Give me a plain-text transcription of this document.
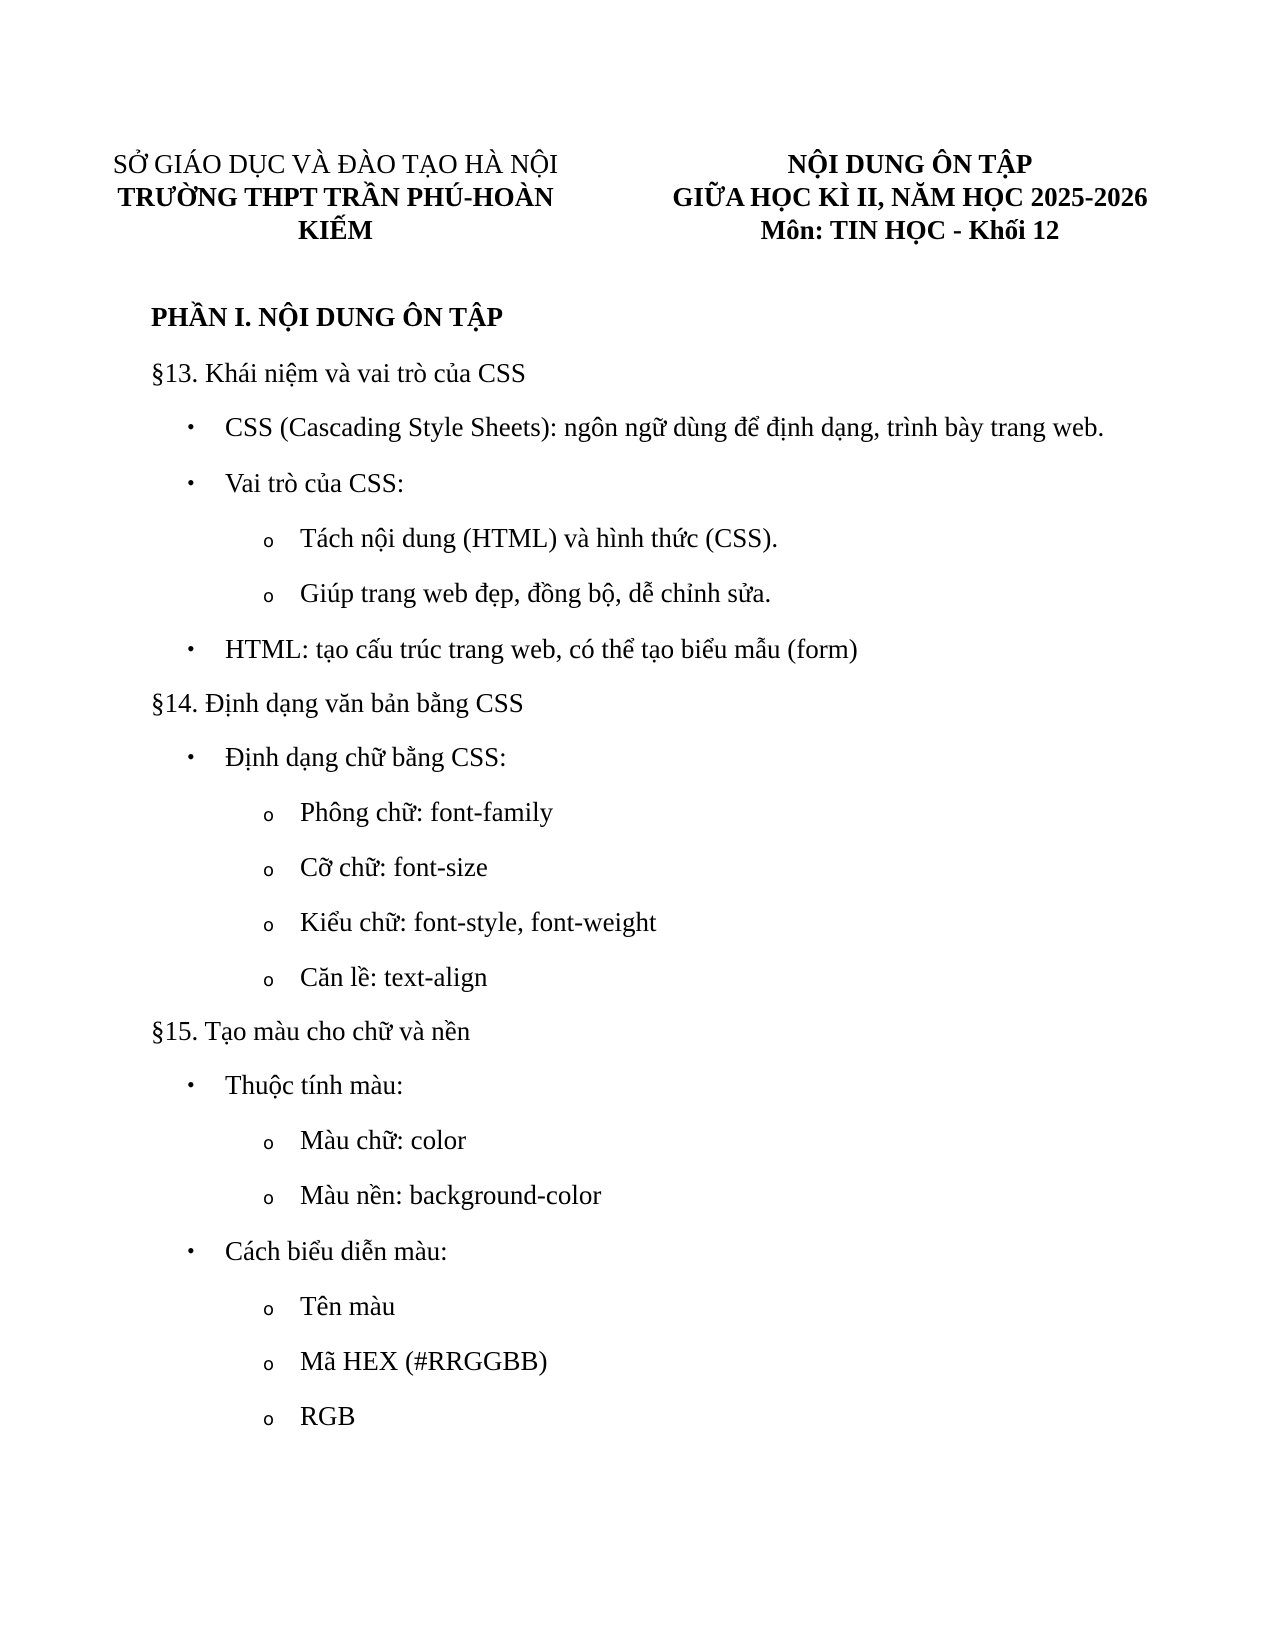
SỞ GIÁO DỤC VÀ ĐÀO TẠO HÀ NỘI
TRƯỜNG THPT TRẦN PHÚ-HOÀN
KIẾM
NỘI DUNG ÔN TẬP
GIỮA HỌC KÌ II, NĂM HỌC 2025-2026
Môn: TIN HỌC - Khối 12
PHẦN I. NỘI DUNG ÔN TẬP
§13. Khái niệm và vai trò của CSS
• CSS (Cascading Style Sheets): ngôn ngữ dùng để định dạng, trình bày trang web.
• Vai trò của CSS:
o Tách nội dung (HTML) và hình thức (CSS).
o Giúp trang web đẹp, đồng bộ, dễ chỉnh sửa.
• HTML: tạo cấu trúc trang web, có thể tạo biểu mẫu (form)
§14. Định dạng văn bản bằng CSS
• Định dạng chữ bằng CSS:
o Phông chữ: font-family
o Cỡ chữ: font-size
o Kiểu chữ: font-style, font-weight
o Căn lề: text-align
§15. Tạo màu cho chữ và nền
• Thuộc tính màu:
o Màu chữ: color
o Màu nền: background-color
• Cách biểu diễn màu:
o Tên màu
o Mã HEX (#RRGGBB)
o RGB
